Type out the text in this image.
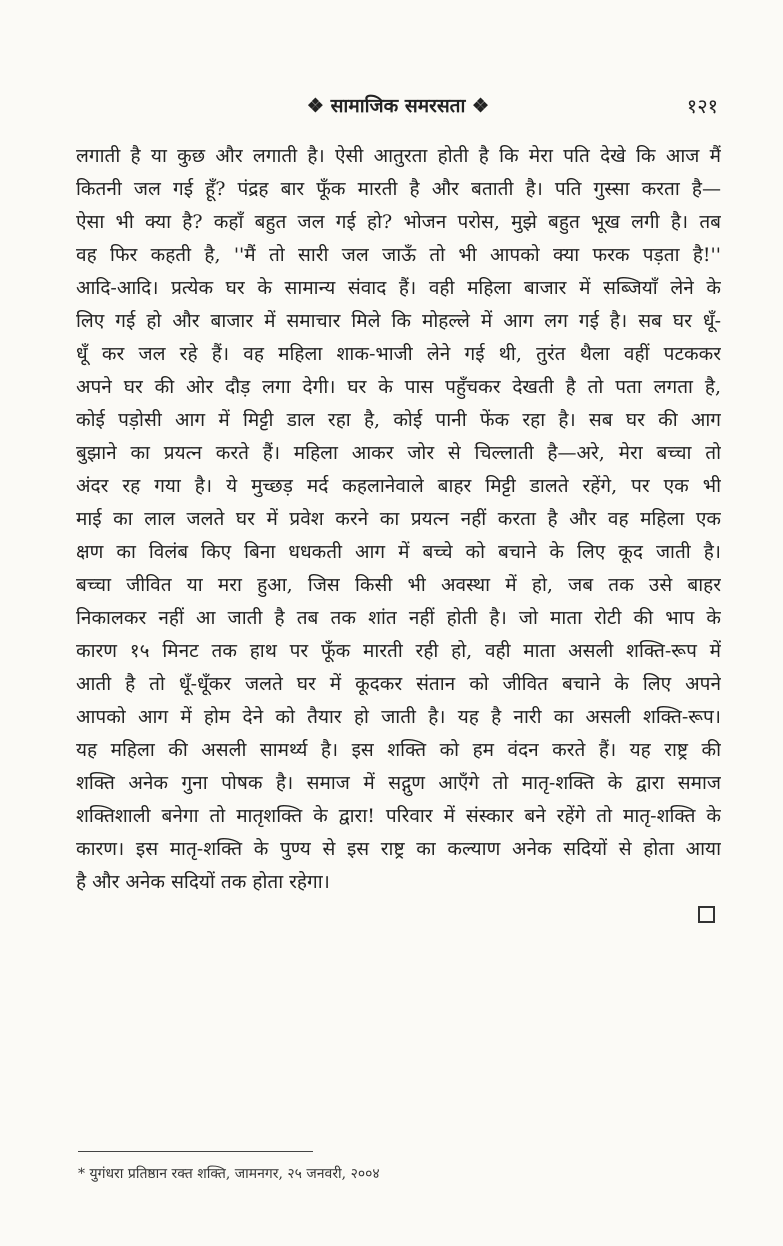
❖ सामाजिक समरसता ❖	१२१
लगाती है या कुछ और लगाती है। ऐसी आतुरता होती है कि मेरा पति देखे कि आज मैं
कितनी जल गई हूँ? पंद्रह बार फूँक मारती है और बताती है। पति गुस्सा करता है—
ऐसा भी क्या है? कहाँ बहुत जल गई हो? भोजन परोस, मुझे बहुत भूख लगी है। तब
वह फिर कहती है, ''मैं तो सारी जल जाऊँ तो भी आपको क्या फरक पड़ता है!''
आदि-आदि। प्रत्येक घर के सामान्य संवाद हैं। वही महिला बाजार में सब्जियाँ लेने के
लिए गई हो और बाजार में समाचार मिले कि मोहल्ले में आग लग गई है। सब घर धूँ-
धूँ कर जल रहे हैं। वह महिला शाक-भाजी लेने गई थी, तुरंत थैला वहीं पटककर
अपने घर की ओर दौड़ लगा देगी। घर के पास पहुँचकर देखती है तो पता लगता है,
कोई पड़ोसी आग में मिट्टी डाल रहा है, कोई पानी फेंक रहा है। सब घर की आग
बुझाने का प्रयत्न करते हैं। महिला आकर जोर से चिल्लाती है—अरे, मेरा बच्चा तो
अंदर रह गया है। ये मुच्छड़ मर्द कहलानेवाले बाहर मिट्टी डालते रहेंगे, पर एक भी
माई का लाल जलते घर में प्रवेश करने का प्रयत्न नहीं करता है और वह महिला एक
क्षण का विलंब किए बिना धधकती आग में बच्चे को बचाने के लिए कूद जाती है।
बच्चा जीवित या मरा हुआ, जिस किसी भी अवस्था में हो, जब तक उसे बाहर
निकालकर नहीं आ जाती है तब तक शांत नहीं होती है। जो माता रोटी की भाप के
कारण १५ मिनट तक हाथ पर फूँक मारती रही हो, वही माता असली शक्ति-रूप में
आती है तो धूँ-धूँकर जलते घर में कूदकर संतान को जीवित बचाने के लिए अपने
आपको आग में होम देने को तैयार हो जाती है। यह है नारी का असली शक्ति-रूप।
यह महिला की असली सामर्थ्य है। इस शक्ति को हम वंदन करते हैं। यह राष्ट्र की
शक्ति अनेक गुना पोषक है। समाज में सद्गुण आएँगे तो मातृ-शक्ति के द्वारा समाज
शक्तिशाली बनेगा तो मातृशक्ति के द्वारा! परिवार में संस्कार बने रहेंगे तो मातृ-शक्ति के
कारण। इस मातृ-शक्ति के पुण्य से इस राष्ट्र का कल्याण अनेक सदियों से होता आया
है और अनेक सदियों तक होता रहेगा।
* युगंधरा प्रतिष्ठान रक्त शक्ति, जामनगर, २५ जनवरी, २००४
